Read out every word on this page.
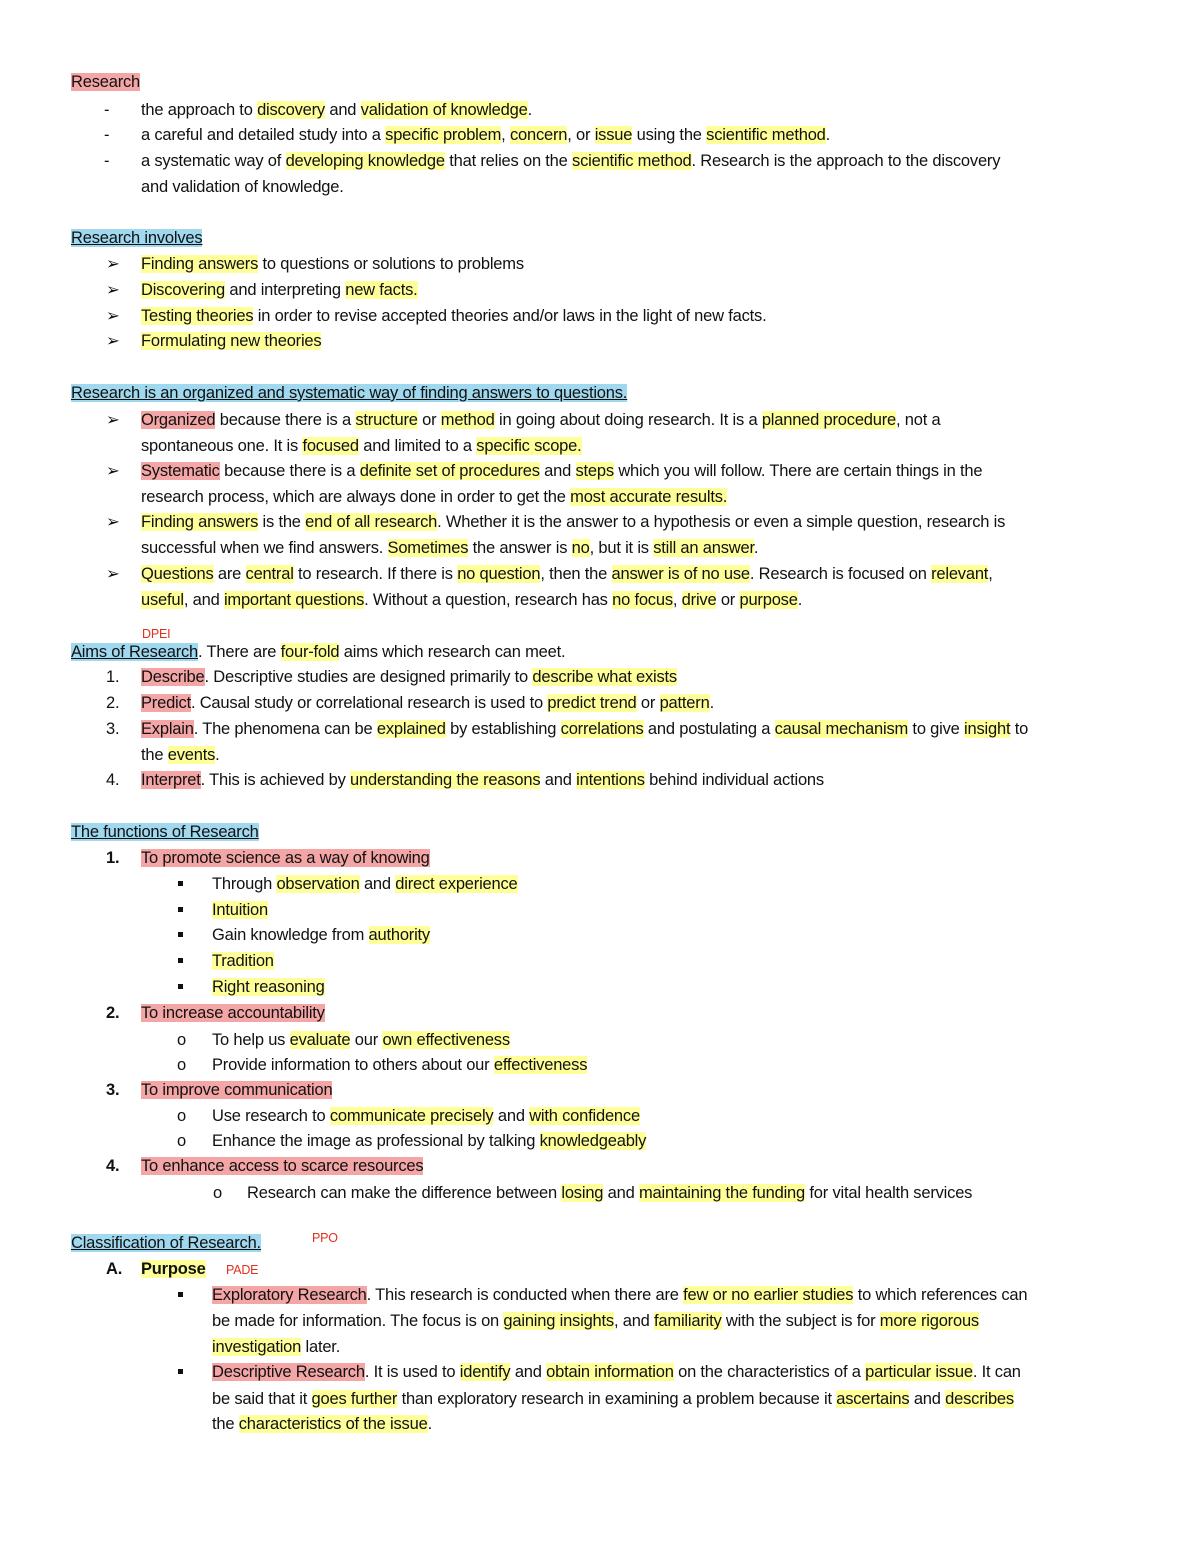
Research
- the approach to discovery and validation of knowledge.
- a careful and detailed study into a specific problem, concern, or issue using the scientific method.
- a systematic way of developing knowledge that relies on the scientific method. Research is the approach to the discovery
and validation of knowledge.
Research involves
➢ Finding answers to questions or solutions to problems
➢ Discovering and interpreting new facts.
➢ Testing theories in order to revise accepted theories and/or laws in the light of new facts.
➢ Formulating new theories
Research is an organized and systematic way of finding answers to questions.
➢ Organized because there is a structure or method in going about doing research. It is a planned procedure, not a
spontaneous one. It is focused and limited to a specific scope.
➢ Systematic because there is a definite set of procedures and steps which you will follow. There are certain things in the
research process, which are always done in order to get the most accurate results.
➢ Finding answers is the end of all research. Whether it is the answer to a hypothesis or even a simple question, research is
successful when we find answers. Sometimes the answer is no, but it is still an answer.
➢ Questions are central to research. If there is no question, then the answer is of no use. Research is focused on relevant,
useful, and important questions. Without a question, research has no focus, drive or purpose.
DPEI
Aims of Research. There are four-fold aims which research can meet.
1. Describe. Descriptive studies are designed primarily to describe what exists
2. Predict. Causal study or correlational research is used to predict trend or pattern.
3. Explain. The phenomena can be explained by establishing correlations and postulating a causal mechanism to give insight to
the events.
4. Interpret. This is achieved by understanding the reasons and intentions behind individual actions
The functions of Research
1. To promote science as a way of knowing
Through observation and direct experience
Intuition
Gain knowledge from authority
Tradition
Right reasoning
2. To increase accountability
o To help us evaluate our own effectiveness
o Provide information to others about our effectiveness
3. To improve communication
o Use research to communicate precisely and with confidence
o Enhance the image as professional by talking knowledgeably
4. To enhance access to scarce resources
o Research can make the difference between losing and maintaining the funding for vital health services
Classification of Research.	PPO
A. Purpose PADE
Exploratory Research. This research is conducted when there are few or no earlier studies to which references can
be made for information. The focus is on gaining insights, and familiarity with the subject is for more rigorous
investigation later.
Descriptive Research. It is used to identify and obtain information on the characteristics of a particular issue. It can
be said that it goes further than exploratory research in examining a problem because it ascertains and describes
the characteristics of the issue.
